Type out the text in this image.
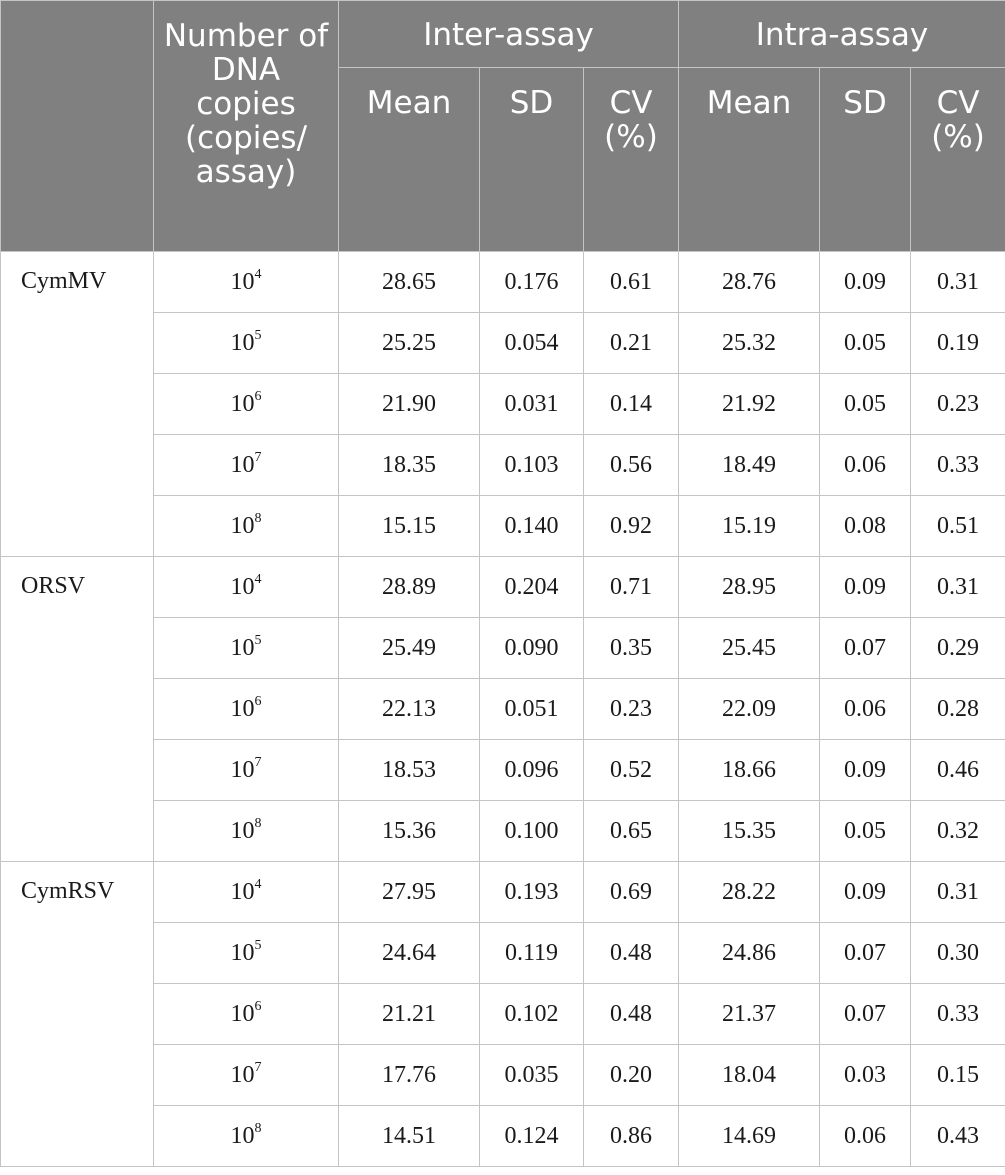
	Number of DNA copies (copies/ assay)	Inter-assay			Intra-assay		
		Mean	SD	CV (%)	Mean	SD	CV (%)
CymMV	$10^4$	28.65	0.176	0.61	28.76	0.09	0.31
	$10^5$	25.25	0.054	0.21	25.32	0.05	0.19
	$10^6$	21.90	0.031	0.14	21.92	0.05	0.23
	$10^7$	18.35	0.103	0.56	18.49	0.06	0.33
	$10^8$	15.15	0.140	0.92	15.19	0.08	0.51
ORSV	$10^4$	28.89	0.204	0.71	28.95	0.09	0.31
	$10^5$	25.49	0.090	0.35	25.45	0.07	0.29
	$10^6$	22.13	0.051	0.23	22.09	0.06	0.28
	$10^7$	18.53	0.096	0.52	18.66	0.09	0.46
	$10^8$	15.36	0.100	0.65	15.35	0.05	0.32
CymRSV	$10^4$	27.95	0.193	0.69	28.22	0.09	0.31
	$10^5$	24.64	0.119	0.48	24.86	0.07	0.30
	$10^6$	21.21	0.102	0.48	21.37	0.07	0.33
	$10^7$	17.76	0.035	0.20	18.04	0.03	0.15
	$10^8$	14.51	0.124	0.86	14.69	0.06	0.43
